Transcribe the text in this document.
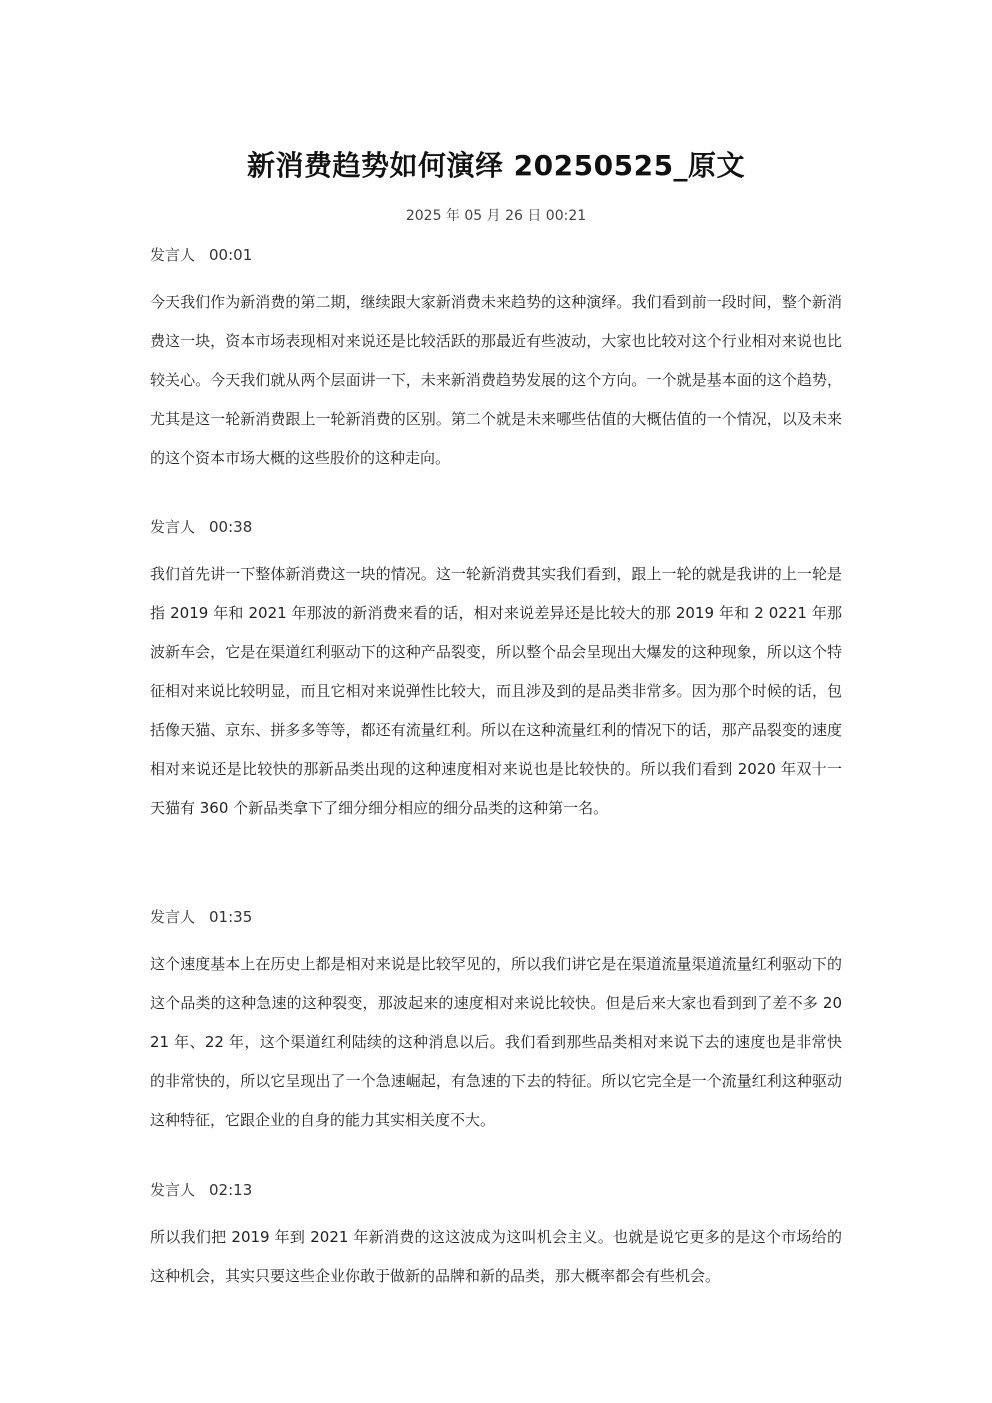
新消费趋势如何演绎 20250525_原文
2025 年 05 月 26 日 00:21
发言人 00:01
今天我们作为新消费的第二期，继续跟大家新消费未来趋势的这种演绎。我们看到前一段时间，整个新消费这一块，资本市场表现相对来说还是比较活跃的那最近有些波动，大家也比较对这个行业相对来说也比较关心。今天我们就从两个层面讲一下，未来新消费趋势发展的这个方向。一个就是基本面的这个趋势，尤其是这一轮新消费跟上一轮新消费的区别。第二个就是未来哪些估值的大概估值的一个情况，以及未来的这个资本市场大概的这些股价的这种走向。
发言人 00:38
我们首先讲一下整体新消费这一块的情况。这一轮新消费其实我们看到，跟上一轮的就是我讲的上一轮是指 2019 年和 2021 年那波的新消费来看的话，相对来说差异还是比较大的那 2019 年和 2 0221 年那波新车会，它是在渠道红利驱动下的这种产品裂变，所以整个品会呈现出大爆发的这种现象，所以这个特征相对来说比较明显，而且它相对来说弹性比较大，而且涉及到的是品类非常多。因为那个时候的话，包括像天猫、京东、拼多多等等，都还有流量红利。所以在这种流量红利的情况下的话，那产品裂变的速度相对来说还是比较快的那新品类出现的这种速度相对来说也是比较快的。所以我们看到 2020 年双十一天猫有 360 个新品类拿下了细分细分相应的细分品类的这种第一名。
发言人 01:35
这个速度基本上在历史上都是相对来说是比较罕见的，所以我们讲它是在渠道流量渠道流量红利驱动下的这个品类的这种急速的这种裂变，那波起来的速度相对来说比较快。但是后来大家也看到到了差不多 2021 年、22 年，这个渠道红利陆续的这种消息以后。我们看到那些品类相对来说下去的速度也是非常快的非常快的，所以它呈现出了一个急速崛起，有急速的下去的特征。所以它完全是一个流量红利这种驱动这种特征，它跟企业的自身的能力其实相关度不大。
发言人 02:13
所以我们把 2019 年到 2021 年新消费的这这波成为这叫机会主义。也就是说它更多的是这个市场给的这种机会，其实只要这些企业你敢于做新的品牌和新的品类，那大概率都会有些机会。
